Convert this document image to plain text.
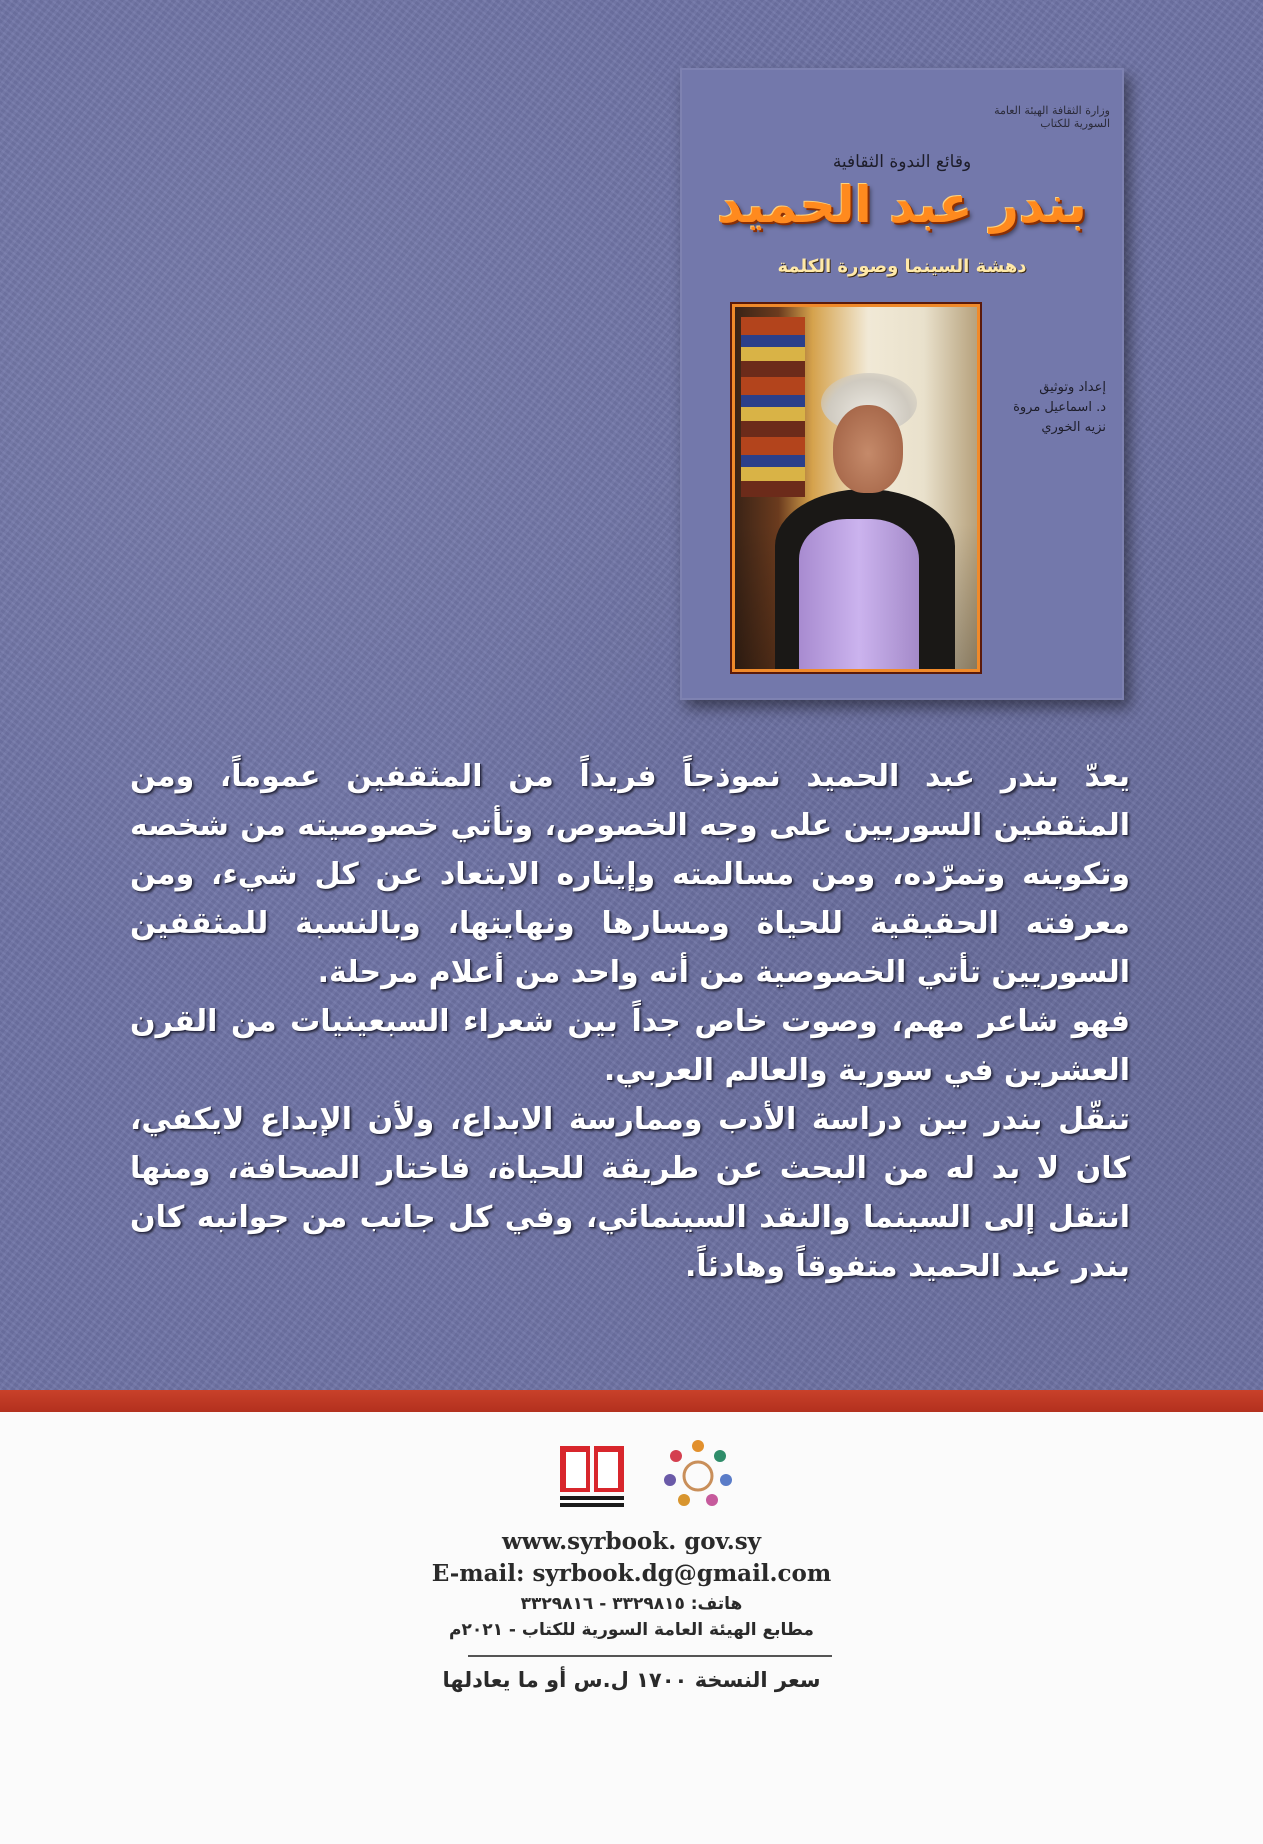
وزارة الثقافة الهيئة العامة السورية للكتاب
وقائع الندوة الثقافية
بندر عبد الحميد
دهشة السينما وصورة الكلمة
إعداد وتوثيق
د. اسماعيل مروة
نزيه الخوري

يعدّ بندر عبد الحميد نموذجاً فريداً من المثقفين عموماً، ومن المثقفين السوريين على وجه الخصوص، وتأتي خصوصيته من شخصه وتكوينه وتمرّده، ومن مسالمته وإيثاره الابتعاد عن كل شيء، ومن معرفته الحقيقية للحياة ومسارها ونهايتها، وبالنسبة للمثقفين السوريين تأتي الخصوصية من أنه واحد من أعلام مرحلة.

فهو شاعر مهم، وصوت خاص جداً بين شعراء السبعينيات من القرن العشرين في سورية والعالم العربي.

تنقّل بندر بين دراسة الأدب وممارسة الابداع، ولأن الإبداع لايكفي، كان لا بد له من البحث عن طريقة للحياة، فاختار الصحافة، ومنها انتقل إلى السينما والنقد السينمائي، وفي كل جانب من جوانبه كان بندر عبد الحميد متفوقاً وهادئاً.

www.syrbook. gov.sy
E-mail: syrbook.dg@gmail.com
هاتف: ٣٣٢٩٨١٥ - ٣٣٢٩٨١٦
مطابع الهيئة العامة السورية للكتاب - ٢٠٢١م
سعر النسخة ١٧٠٠ ل.س أو ما يعادلها
